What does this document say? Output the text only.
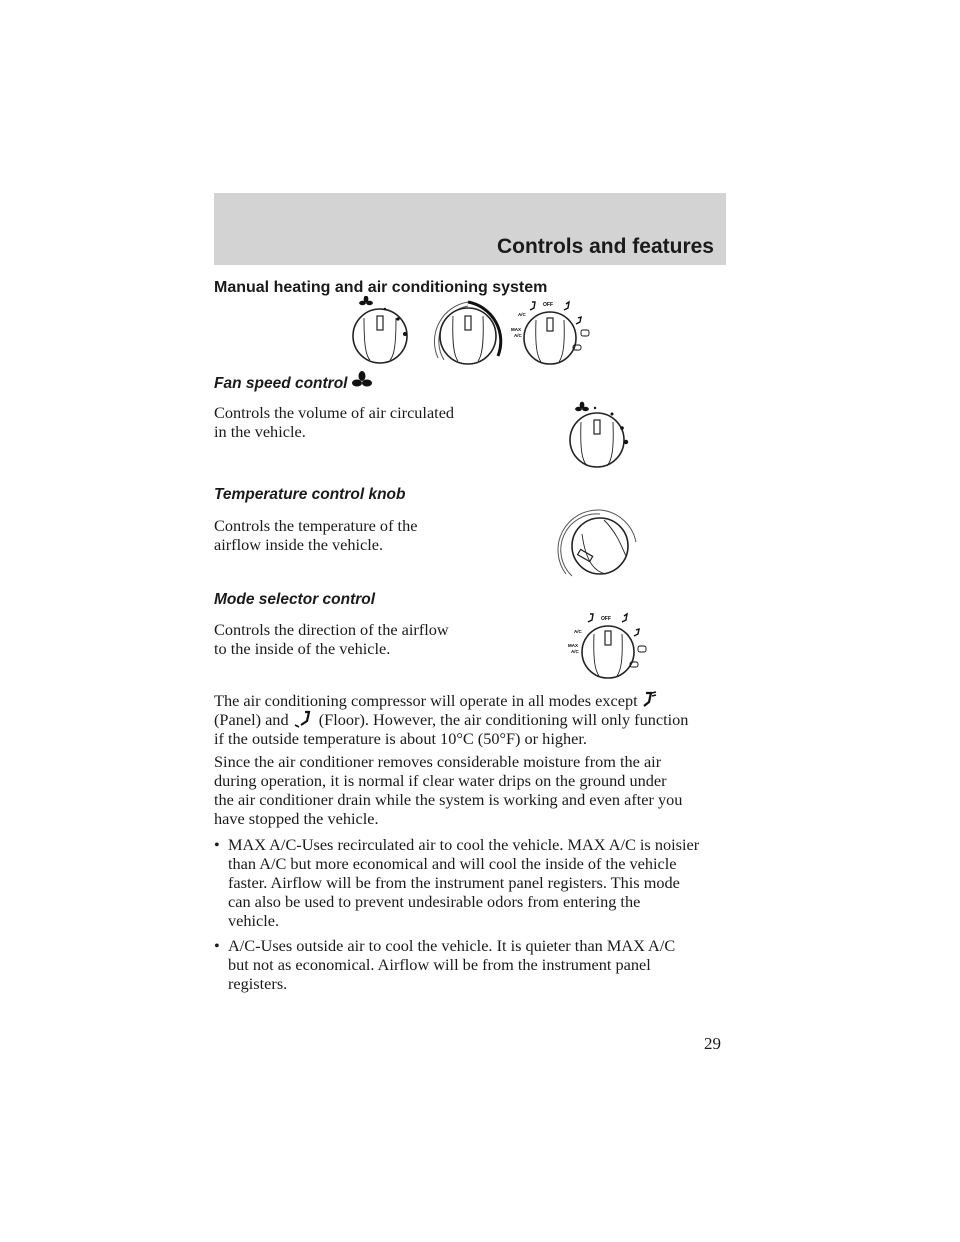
Controls and features
Manual heating and air conditioning system
OFF
A/C
MAX
A/C
Fan speed control
Controls the volume of air circulated
in the vehicle.
Temperature control knob
Controls the temperature of the
airflow inside the vehicle.
Mode selector control
Controls the direction of the airflow
to the inside of the vehicle.
OFF
A/C
MAX
A/C
The air conditioning compressor will operate in all modes except
(Panel) and (Floor). However, the air conditioning will only function
if the outside temperature is about 10°C (50°F) or higher.
Since the air conditioner removes considerable moisture from the air
during operation, it is normal if clear water drips on the ground under
the air conditioner drain while the system is working and even after you
have stopped the vehicle.
• MAX A/C-Uses recirculated air to cool the vehicle. MAX A/C is noisier
than A/C but more economical and will cool the inside of the vehicle
faster. Airflow will be from the instrument panel registers. This mode
can also be used to prevent undesirable odors from entering the
vehicle.
• A/C-Uses outside air to cool the vehicle. It is quieter than MAX A/C
but not as economical. Airflow will be from the instrument panel
registers.
29
